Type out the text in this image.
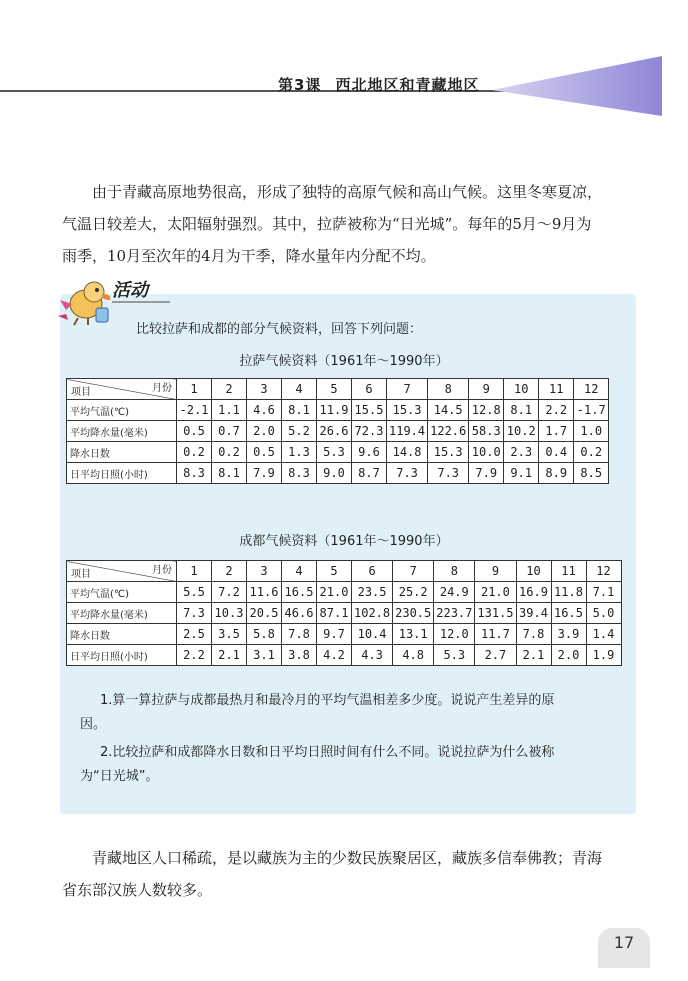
第3课 西北地区和青藏地区

由于青藏高原地势很高，形成了独特的高原气候和高山气候。这里冬寒夏凉，

气温日较差大，太阳辐射强烈。其中，拉萨被称为“日光城”。每年的5月～9月为

雨季，10月至次年的4月为干季，降水量年内分配不均。

活动
比较拉萨和成都的部分气候资料，回答下列问题：
拉萨气候资料（1961年～1990年）
项目 月份	1	2	3	4	5	6	7	8	9	10	11	12
平均气温(℃)	-2.1	1.1	4.6	8.1	11.9	15.5	15.3	14.5	12.8	8.1	2.2	-1.7
平均降水量(毫米)	0.5	0.7	2.0	5.2	26.6	72.3	119.4	122.6	58.3	10.2	1.7	1.0
降水日数	0.2	0.2	0.5	1.3	5.3	9.6	14.8	15.3	10.0	2.3	0.4	0.2
日平均日照(小时)	8.3	8.1	7.9	8.3	9.0	8.7	7.3	7.3	7.9	9.1	8.9	8.5
成都气候资料（1961年～1990年）
项目 月份	1	2	3	4	5	6	7	8	9	10	11	12
平均气温(℃)	5.5	7.2	11.6	16.5	21.0	23.5	25.2	24.9	21.0	16.9	11.8	7.1
平均降水量(毫米)	7.3	10.3	20.5	46.6	87.1	102.8	230.5	223.7	131.5	39.4	16.5	5.0
降水日数	2.5	3.5	5.8	7.8	9.7	10.4	13.1	12.0	11.7	7.8	3.9	1.4
日平均日照(小时)	2.2	2.1	3.1	3.8	4.2	4.3	4.8	5.3	2.7	2.1	2.0	1.9
1.算一算拉萨与成都最热月和最冷月的平均气温相差多少度。说说产生差异的原
因。
2.比较拉萨和成都降水日数和日平均日照时间有什么不同。说说拉萨为什么被称
为“日光城”。

青藏地区人口稀疏，是以藏族为主的少数民族聚居区，藏族多信奉佛教；青海

省东部汉族人数较多。

17
